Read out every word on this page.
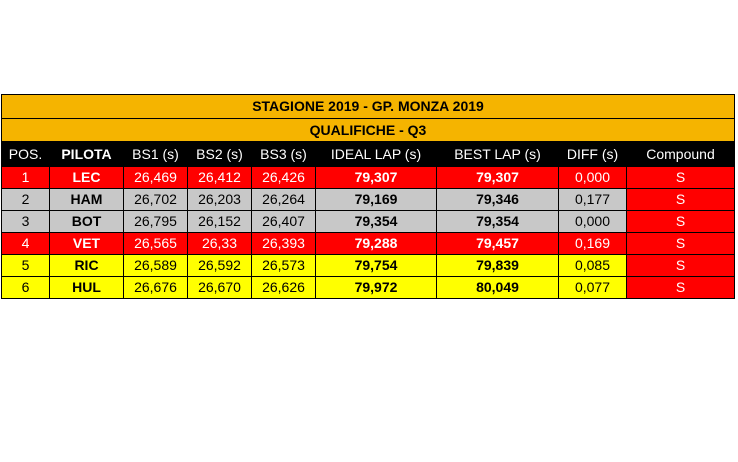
STAGIONE 2019 - GP. MONZA 2019								
QUALIFICHE - Q3								
POS.	PILOTA	BS1 (s)	BS2 (s)	BS3 (s)	IDEAL LAP (s)	BEST LAP (s)	DIFF (s)	Compound
1	LEC	26,469	26,412	26,426	79,307	79,307	0,000	S
2	HAM	26,702	26,203	26,264	79,169	79,346	0,177	S
3	BOT	26,795	26,152	26,407	79,354	79,354	0,000	S
4	VET	26,565	26,33	26,393	79,288	79,457	0,169	S
5	RIC	26,589	26,592	26,573	79,754	79,839	0,085	S
6	HUL	26,676	26,670	26,626	79,972	80,049	0,077	S
